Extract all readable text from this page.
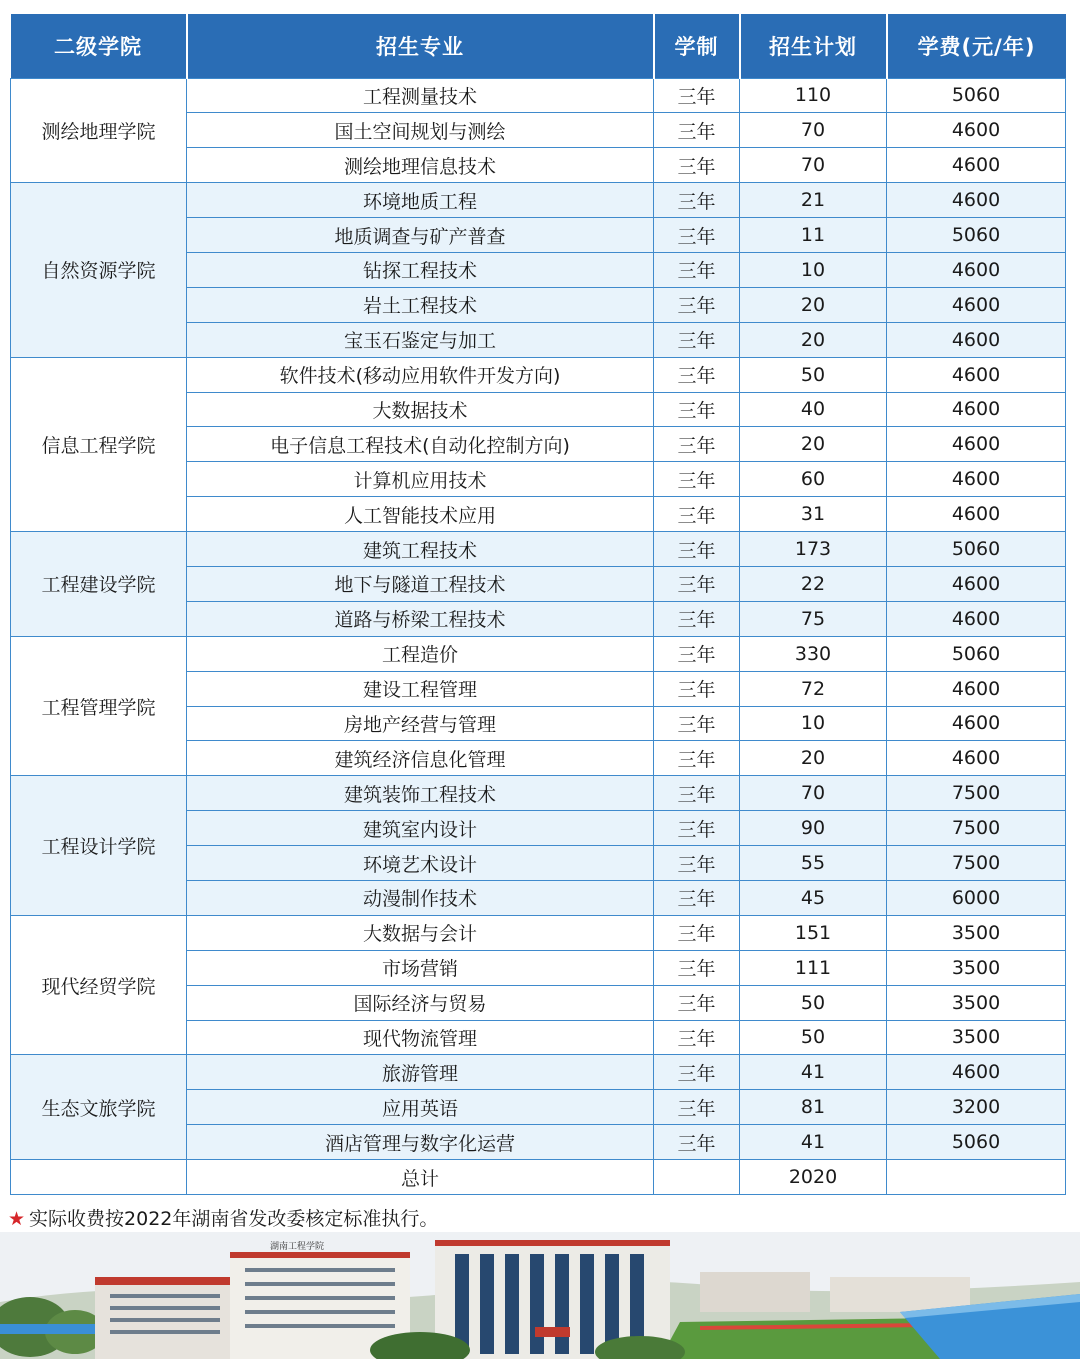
二级学院	招生专业	学制	招生计划	学费(元/年)
测绘地理学院	工程测量技术	三年	110	5060
	国土空间规划与测绘	三年	70	4600
	测绘地理信息技术	三年	70	4600
自然资源学院	环境地质工程	三年	21	4600
	地质调查与矿产普查	三年	11	5060
	钻探工程技术	三年	10	4600
	岩土工程技术	三年	20	4600
	宝玉石鉴定与加工	三年	20	4600
信息工程学院	软件技术(移动应用软件开发方向)	三年	50	4600
	大数据技术	三年	40	4600
	电子信息工程技术(自动化控制方向)	三年	20	4600
	计算机应用技术	三年	60	4600
	人工智能技术应用	三年	31	4600
工程建设学院	建筑工程技术	三年	173	5060
	地下与隧道工程技术	三年	22	4600
	道路与桥梁工程技术	三年	75	4600
工程管理学院	工程造价	三年	330	5060
	建设工程管理	三年	72	4600
	房地产经营与管理	三年	10	4600
	建筑经济信息化管理	三年	20	4600
工程设计学院	建筑装饰工程技术	三年	70	7500
	建筑室内设计	三年	90	7500
	环境艺术设计	三年	55	7500
	动漫制作技术	三年	45	6000
现代经贸学院	大数据与会计	三年	151	3500
	市场营销	三年	111	3500
	国际经济与贸易	三年	50	3500
	现代物流管理	三年	50	3500
生态文旅学院	旅游管理	三年	41	4600
	应用英语	三年	81	3200
	酒店管理与数字化运营	三年	41	5060
	总计		2020	
★ 实际收费按2022年湖南省发改委核定标准执行。
湖南工程学院
